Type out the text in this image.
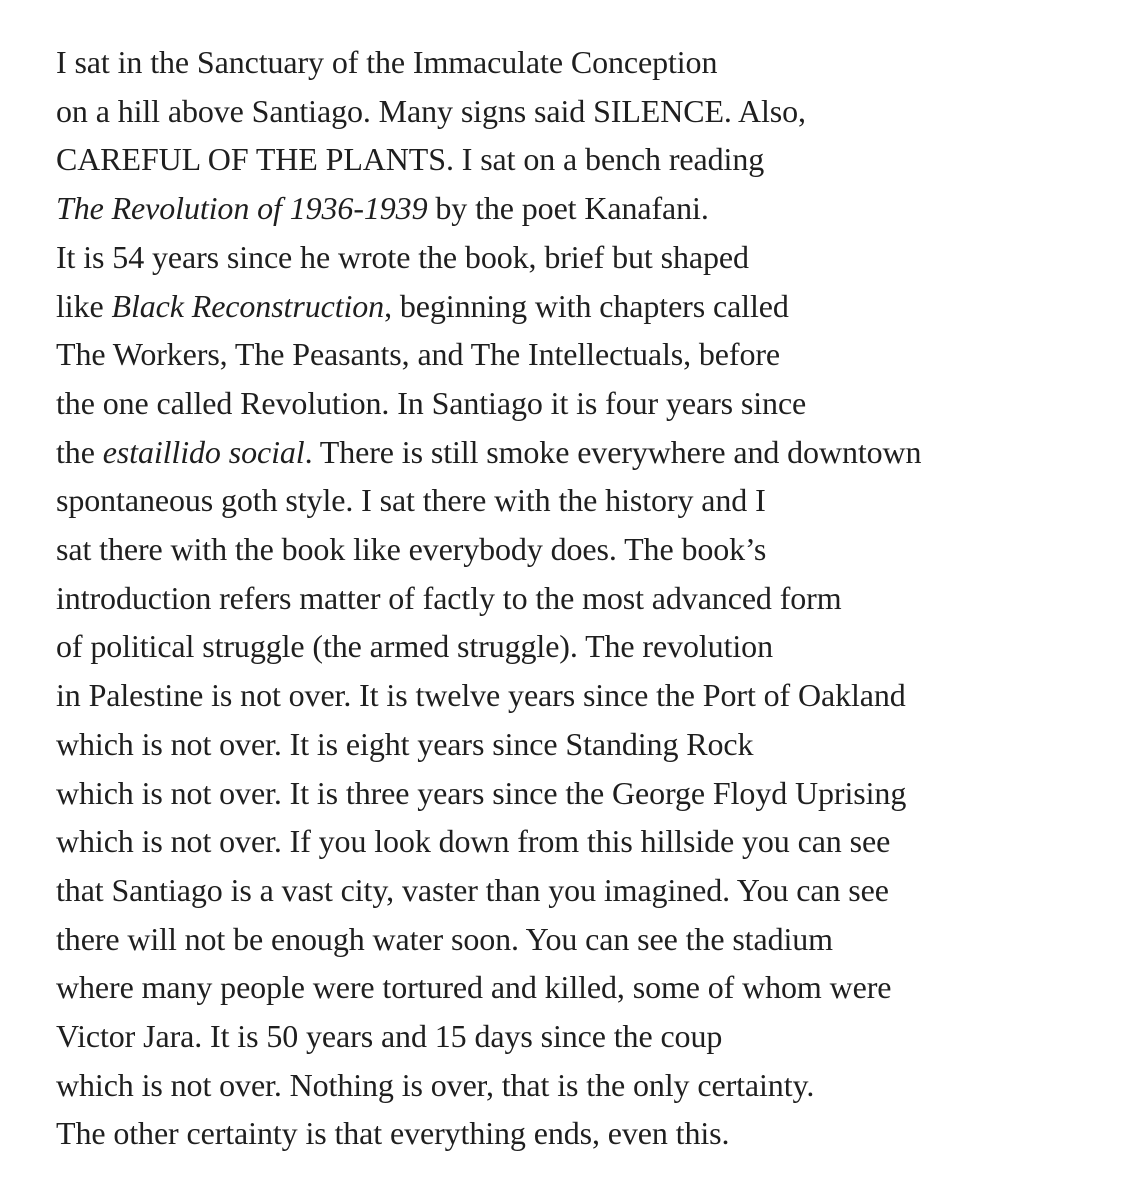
I sat in the Sanctuary of the Immaculate Conception
on a hill above Santiago. Many signs said SILENCE. Also,
CAREFUL OF THE PLANTS. I sat on a bench reading
The Revolution of 1936-1939 by the poet Kanafani.
It is 54 years since he wrote the book, brief but shaped
like Black Reconstruction, beginning with chapters called
The Workers, The Peasants, and The Intellectuals, before
the one called Revolution. In Santiago it is four years since
the estaillido social. There is still smoke everywhere and downtown
spontaneous goth style. I sat there with the history and I
sat there with the book like everybody does. The book’s
introduction refers matter of factly to the most advanced form
of political struggle (the armed struggle). The revolution
in Palestine is not over. It is twelve years since the Port of Oakland
which is not over. It is eight years since Standing Rock
which is not over. It is three years since the George Floyd Uprising
which is not over. If you look down from this hillside you can see
that Santiago is a vast city, vaster than you imagined. You can see
there will not be enough water soon. You can see the stadium
where many people were tortured and killed, some of whom were
Victor Jara. It is 50 years and 15 days since the coup
which is not over. Nothing is over, that is the only certainty.
The other certainty is that everything ends, even this.
